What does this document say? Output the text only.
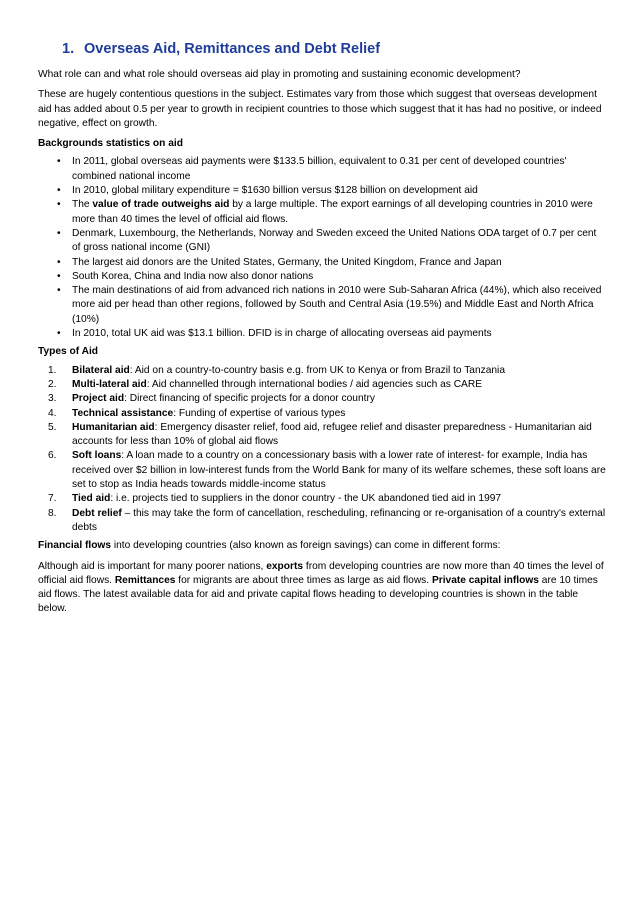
1. Overseas Aid, Remittances and Debt Relief

What role can and what role should overseas aid play in promoting and sustaining economic development?

These are hugely contentious questions in the subject. Estimates vary from those which suggest that overseas development aid has added about 0.5 per year to growth in recipient countries to those which suggest that it has had no positive, or indeed negative, effect on growth.

Backgrounds statistics on aid
• In 2011, global overseas aid payments were $133.5 billion, equivalent to 0.31 per cent of developed countries' combined national income
• In 2010, global military expenditure = $1630 billion versus $128 billion on development aid
• The value of trade outweighs aid by a large multiple. The export earnings of all developing countries in 2010 were more than 40 times the level of official aid flows.
• Denmark, Luxembourg, the Netherlands, Norway and Sweden exceed the United Nations ODA target of 0.7 per cent of gross national income (GNI)
• The largest aid donors are the United States, Germany, the United Kingdom, France and Japan
• South Korea, China and India now also donor nations
• The main destinations of aid from advanced rich nations in 2010 were Sub-Saharan Africa (44%), which also received more aid per head than other regions, followed by South and Central Asia (19.5%) and Middle East and North Africa (10%)
• In 2010, total UK aid was $13.1 billion. DFID is in charge of allocating overseas aid payments
Types of Aid
1. Bilateral aid: Aid on a country-to-country basis e.g. from UK to Kenya or from Brazil to Tanzania
2. Multi-lateral aid: Aid channelled through international bodies / aid agencies such as CARE
3. Project aid: Direct financing of specific projects for a donor country
4. Technical assistance: Funding of expertise of various types
5. Humanitarian aid: Emergency disaster relief, food aid, refugee relief and disaster preparedness - Humanitarian aid accounts for less than 10% of global aid flows
6. Soft loans: A loan made to a country on a concessionary basis with a lower rate of interest- for example, India has received over $2 billion in low-interest funds from the World Bank for many of its welfare schemes, these soft loans are set to stop as India heads towards middle-income status
7. Tied aid: i.e. projects tied to suppliers in the donor country - the UK abandoned tied aid in 1997
8. Debt relief – this may take the form of cancellation, rescheduling, refinancing or re-organisation of a country's external debts

Financial flows into developing countries (also known as foreign savings) can come in different forms:

Although aid is important for many poorer nations, exports from developing countries are now more than 40 times the level of official aid flows. Remittances for migrants are about three times as large as aid flows. Private capital inflows are 10 times aid flows. The latest available data for aid and private capital flows heading to developing countries is shown in the table below.
